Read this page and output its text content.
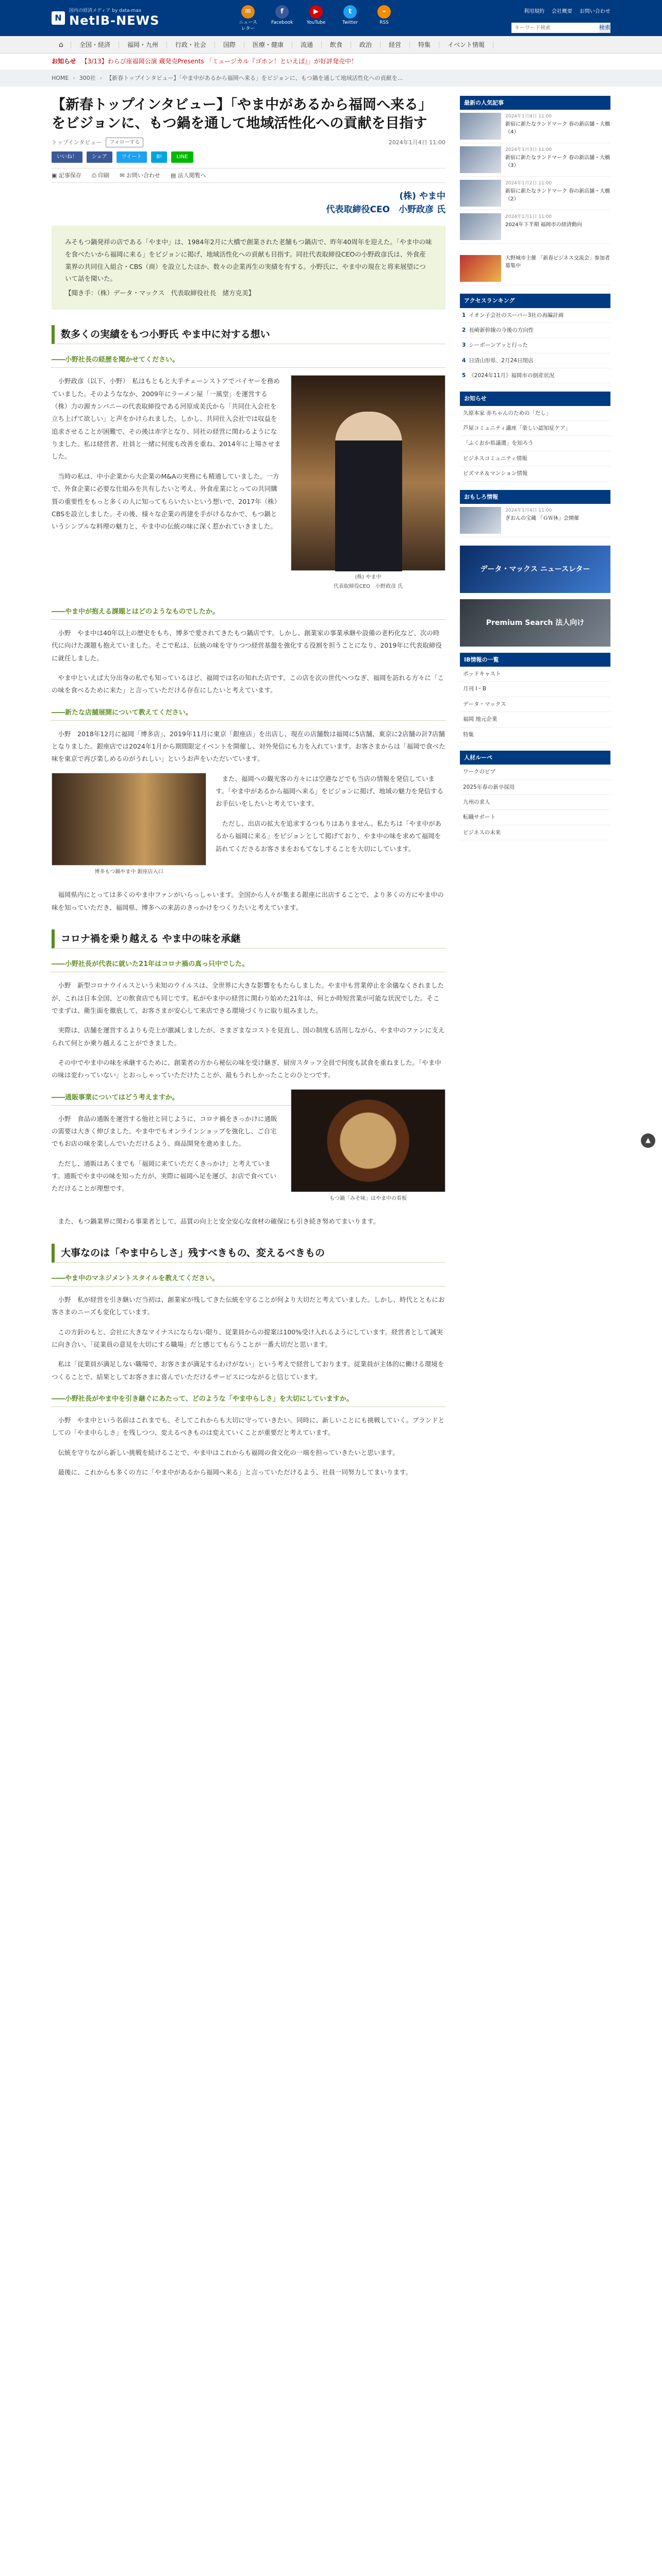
N
国内の経済メディア by data-max
NetIB-NEWS
✉
ニュースレター
f
Facebook
▶
YouTube
t
Twitter
⌁
RSS
利用規約 会社概要 お問い合わせ
キーワード検索
検索
⌂	全国・経済	福岡・九州	行政・社会	国際	医療・健康	流通	飲食	政治	経営	特集	イベント情報
お知らせ 【3/13】わらび座福岡公演 蔵発売Presents 「ミュージカル『ゴホン！といえば』」が好評発売中！
HOME › 300社 › 【新春トップインタビュー】「やま中があるから福岡へ来る」をビジョンに、もつ鍋を通して地域活性化への貢献を...
【新春トップインタビュー】「やま中があるから福岡へ来る」をビジョンに、もつ鍋を通して地域活性化への貢献を目指す
トップインタビュー	フォローする	2024年1月4日 11:00
いいね！	シェア	ツイート	B!	LINE
▣ 記事保存 ⎙ 印刷 ✉ お問い合わせ ▤ 法人閲覧へ
(株) やま中
代表取締役CEO　小野政彦 氏
みそもつ鍋発祥の店である「やま中」は、1984年2月に大橋で創業された老舗もつ鍋店で、昨年40周年を迎えた。「やま中の味を食べたいから福岡に来る」をビジョンに掲げ、地域活性化への貢献も目指す。同社代表取締役CEOの小野政彦氏は、外食産業界の共同住入組合・CBS（商）を設立したほか、数々の企業再生の実績を有する。小野氏に、やま中の現在と将来展望について話を聞いた。
【聞き手：（株）データ・マックス　代表取締役社長　緒方克美】
数多くの実績をもつ小野氏 やま中に対する想い
――小野社長の経歴を聞かせてください。
(株) やま中
代表取締役CEO　小野政彦 氏

小野政彦（以下、小野）　私はもともと大手チェーンストアでバイヤーを務めていました。そのようななか、2009年にラーメン屋「一風堂」を運営する（株）力の源カンパニーの代表取締役である河原成美氏から「共同仕入会社を立ち上げて欲しい」と声をかけられました。しかし、共同仕入会社では収益を追求させることが困難で、その後は赤字となり、同社の経営に関わるようになりました。私は経営者、社員と一緒に何度も改善を重ね、2014年に上場させました。

当時の私は、中小企業から大企業のM&Aの実務にも精通していました。一方で、外食企業に必要な仕組みを共有したいと考え、外食産業にとっての共同購買の重要性をもっと多くの人に知ってもらいたいという想いで、2017年（株）CBSを設立しました。その後、様々な企業の再建を手がけるなかで、もつ鍋というシンプルな料理の魅力と、やま中の伝統の味に深く惹かれていきました。

――やま中が抱える課題とはどのようなものでしたか。

小野　やま中は40年以上の歴史をもち、博多で愛されてきたもつ鍋店です。しかし、創業家の事業承継や設備の老朽化など、次の時代に向けた課題も抱えていました。そこで私は、伝統の味を守りつつ経営基盤を強化する役割を担うことになり、2019年に代表取締役に就任しました。

やま中といえば大分出身の私でも知っているほど、福岡では名の知れた店です。この店を次の世代へつなぎ、福岡を訪れる方々に「この味を食べるために来た」と言っていただける存在にしたいと考えています。

――新たな店舗展開について教えてください。

小野　2018年12月に福岡「博多店」、2019年11月に東京「銀座店」を出店し、現在の店舗数は福岡に5店舗、東京に2店舗の計7店舗となりました。銀座店では2024年1月から期間限定イベントを開催し、対外発信にも力を入れています。お客さまからは「福岡で食べた味を東京で再び楽しめるのがうれしい」というお声をいただいています。

博多もつ鍋やま中 銀座店入口

また、福岡への観光客の方々には空港などでも当店の情報を発信しています。「やま中があるから福岡へ来る」をビジョンに掲げ、地域の魅力を発信するお手伝いをしたいと考えています。

ただし、出店の拡大を追求するつもりはありません。私たちは「やま中があるから福岡に来る」をビジョンとして掲げており、やま中の味を求めて福岡を訪れてくださるお客さまをおもてなしすることを大切にしています。

福岡県内にとっては多くのやま中ファンがいらっしゃいます。全国から人々が集まる銀座に出店することで、より多くの方にやま中の味を知っていただき、福岡県、博多への来訪のきっかけをつくりたいと考えています。

コロナ禍を乗り越える やま中の味を承継
――小野社長が代表に就いた21年はコロナ禍の真っ只中でした。

小野　新型コロナウイルスという未知のウイルスは、全世界に大きな影響をもたらしました。やま中も営業停止を余儀なくされましたが、これは日本全国、どの飲食店でも同じです。私がやま中の経営に関わり始めた21年は、何とか時短営業が可能な状況でした。そこでまずは、衛生面を徹底して、お客さまが安心して来店できる環境づくりに取り組みました。

実際は、店舗を運営するよりも売上が激減しましたが、さまざまなコストを見直し、国の制度も活用しながら、やま中のファンに支えられて何とか乗り越えることができました。

その中でやま中の味を承継するために、創業者の方から秘伝の味を受け継ぎ、厨房スタッフ全員で何度も試食を重ねました。「やま中の味は変わっていない」とおっしゃっていただけたことが、最もうれしかったことのひとつです。

もつ鍋「みそ味」はやま中の看板
――通販事業についてはどう考えますか。

小野　食品の通販を運営する他社と同じように、コロナ禍をきっかけに通販の需要は大きく伸びました。やま中でもオンラインショップを強化し、ご自宅でもお店の味を楽しんでいただけるよう、商品開発を進めました。

ただし、通販はあくまでも「福岡に来ていただくきっかけ」と考えています。通販でやま中の味を知った方が、実際に福岡へ足を運び、お店で食べていただけることが理想です。

また、もつ鍋業界に関わる事業者として、品質の向上と安全安心な食材の確保にも引き続き努めてまいります。

大事なのは「やま中らしさ」残すべきもの、変えるべきもの
――やま中のマネジメントスタイルを教えてください。

小野　私が経営を引き継いだ当初は、創業家が残してきた伝統を守ることが何より大切だと考えていました。しかし、時代とともにお客さまのニーズも変化しています。

この方針のもと、会社に大きなマイナスにならない限り、従業員からの提案は100%受け入れるようにしています。経営者として誠実に向き合い、「従業員の意見を大切にする職場」だと感じてもらうことが一番大切だと思います。

私は「従業員が満足しない職場で、お客さまが満足するわけがない」という考えで経営しております。従業員が主体的に働ける環境をつくることで、結果としてお客さまに喜んでいただけるサービスにつながると信じています。

――小野社長がやま中を引き継ぐにあたって、どのような「やま中らしさ」を大切にしていますか。

小野　やま中という名前はこれまでも、そしてこれからも大切に守っていきたい。同時に、新しいことにも挑戦していく。ブランドとしての「やま中らしさ」を残しつつ、変えるべきものは変えていくことが重要だと考えています。

伝統を守りながら新しい挑戦を続けることで、やま中はこれからも福岡の食文化の一端を担っていきたいと思います。

最後に、これからも多くの方に「やま中があるから福岡へ来る」と言っていただけるよう、社員一同努力してまいります。

最新の人気記事
2024年1月4日 11:00
新宿に新たなランドマーク 春の新店舗・大橋（4）
2024年1月3日 11:00
新宿に新たなランドマーク 春の新店舗・大橋（3）
2024年1月2日 11:00
新宿に新たなランドマーク 春の新店舗・大橋（2）
2024年1月1日 11:00
2024年下半期 福岡市の経済動向
大野城市主催 「新春ビジネス交流会」参加者募集中
アクセスランキング
1 イオン子会社のスーパー3社の再編計画
2 長崎新幹線の今後の方向性
3 シーボーンアッと行った
4 日清山形県、2月24日閉店
5 《2024年11月》福岡市の倒産状況
お知らせ
久原本家 赤ちゃんのための「だし」
芦屋コミュニティ講座「楽しい認知症ケア」
「ふくおか県議選」を知ろう
ビジネスコミュニティ情報
ビズマネ＆マンション情報
おもしろ情報
2024年1月4日 11:00
ぎおんの宝蔵 「ＧＷ休」会開催
データ・マックス ニュースレター
Premium Search 法人向け
IB情報の一覧
ポッドキャスト
月刊 I・B
データ・マックス
福岡 地元企業
特集
人材ルーペ
ワークのビブ
2025年春の新卒採用
九州の求人
転職サポート
ビジネスの未来
▲
